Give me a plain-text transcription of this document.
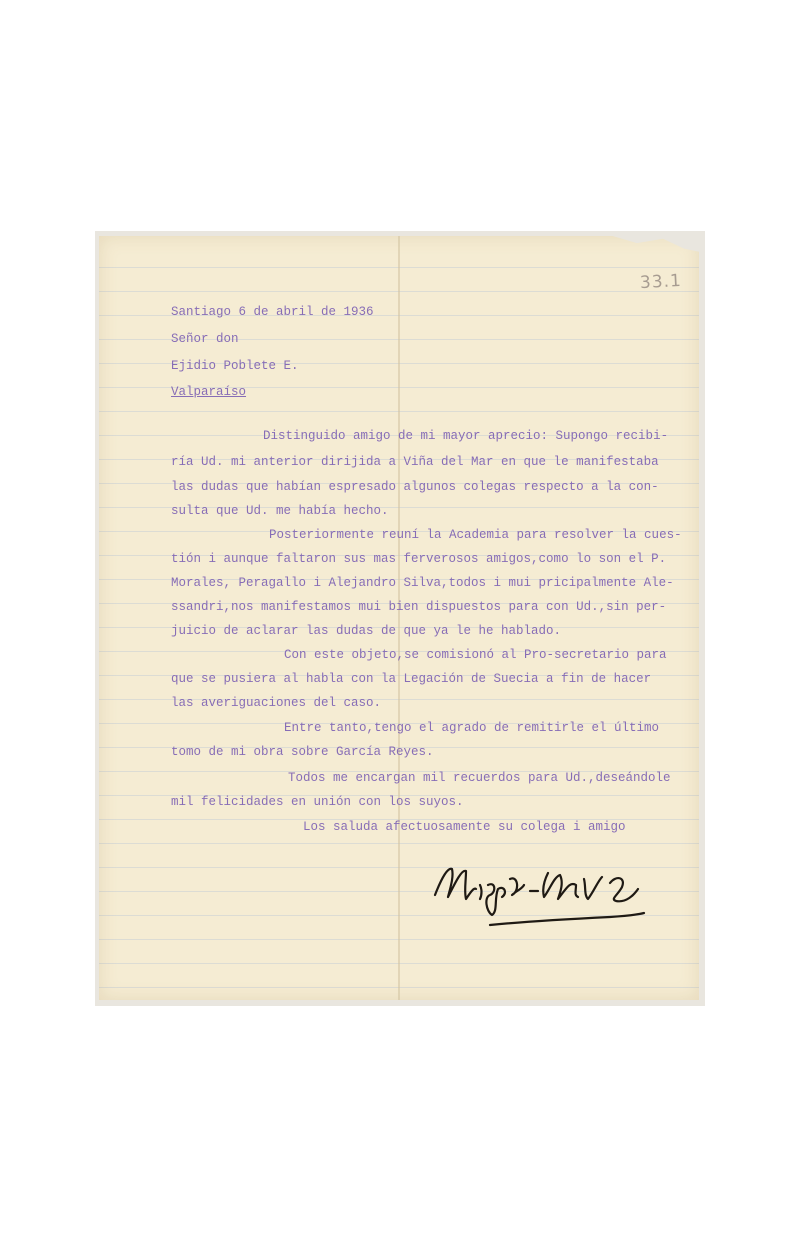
33.1
Santiago 6 de abril de 1936
Señor don
Ejidio Poblete E.
Valparaíso
Distinguido amigo de mi mayor aprecio: Supongo recibi-
ría Ud. mi anterior dirijida a Viña del Mar en que le manifestaba
las dudas que habían espresado algunos colegas respecto a la con-
sulta que Ud. me había hecho.
Posteriormente reuní la Academia para resolver la cues-
tión i aunque faltaron sus mas ferverosos amigos,como lo son el P.
Morales, Peragallo i Alejandro Silva,todos i mui pricipalmente Ale-
ssandri,nos manifestamos mui bien dispuestos para con Ud.,sin per-
juicio de aclarar las dudas de que ya le he hablado.
Con este objeto,se comisionó al Pro-secretario para
que se pusiera al habla con la Legación de Suecia a fin de hacer
las averiguaciones del caso.
Entre tanto,tengo el agrado de remitirle el último
tomo de mi obra sobre García Reyes.
Todos me encargan mil recuerdos para Ud.,deseándole
mil felicidades en unión con los suyos.
Los saluda afectuosamente su colega i amigo
